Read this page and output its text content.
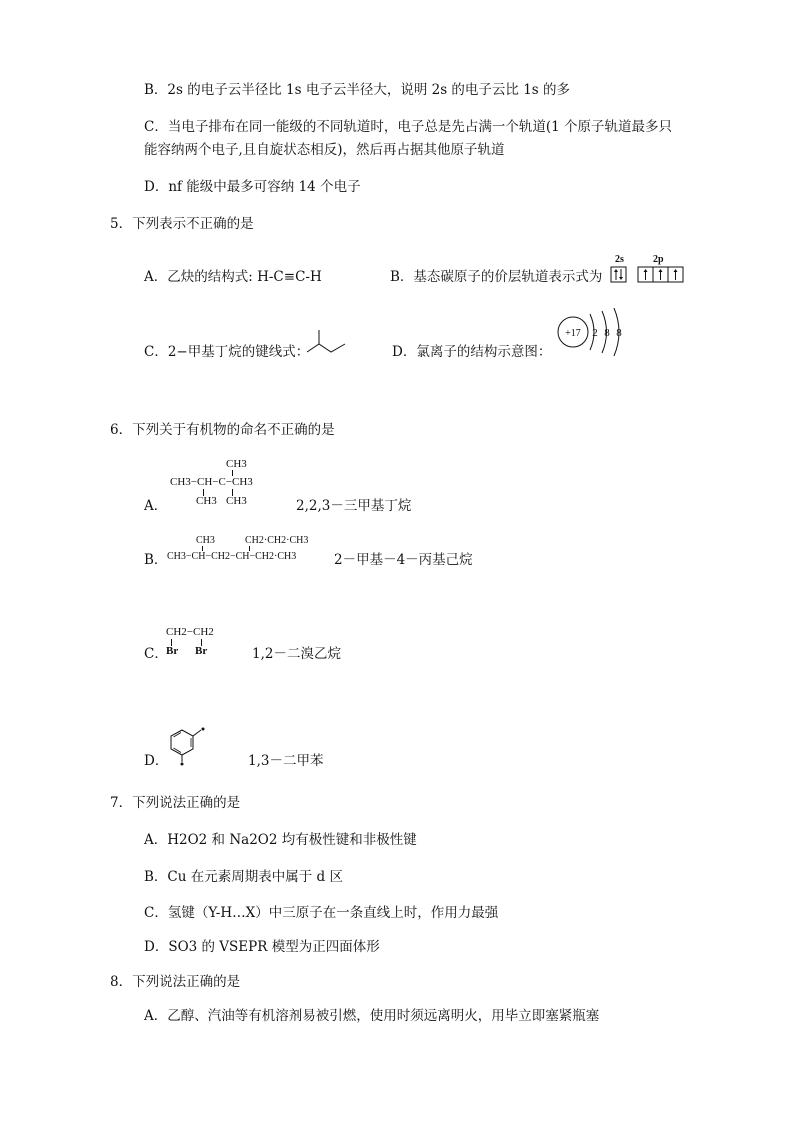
B．2s 的电子云半径比 1s 电子云半径大，说明 2s 的电子云比 1s 的多
C．当电子排布在同一能级的不同轨道时，电子总是先占满一个轨道(1 个原子轨道最多只
能容纳两个电子,且自旋状态相反)，然后再占据其他原子轨道
D．nf 能级中最多可容纳 14 个电子
5．下列表示不正确的是
A．乙炔的结构式: H-C≡C-H	B．基态碳原子的价层轨道表示式为
2s	2p
C．2−甲基丁烷的键线式：	D．氯离子的结构示意图：
+17 2 8 8
6．下列关于有机物的命名不正确的是
A．
CH3
CH3−CH−C−CH3
CH3 CH3	2,2,3－三甲基丁烷
B．
CH3	CH2·CH2·CH3
CH3−CH−CH2−CH−CH2·CH3	2－甲基－4－丙基己烷
C．
CH2−CH2
Br Br	1,2－二溴乙烷
D．	1,3－二甲苯
7．下列说法正确的是
A．H2O2 和 Na2O2 均有极性键和非极性键
B．Cu 在元素周期表中属于 d 区
C．氢键（Y-H…X）中三原子在一条直线上时，作用力最强
D．SO3 的 VSEPR 模型为正四面体形
8．下列说法正确的是
A．乙醇、汽油等有机溶剂易被引燃，使用时须远离明火，用毕立即塞紧瓶塞
